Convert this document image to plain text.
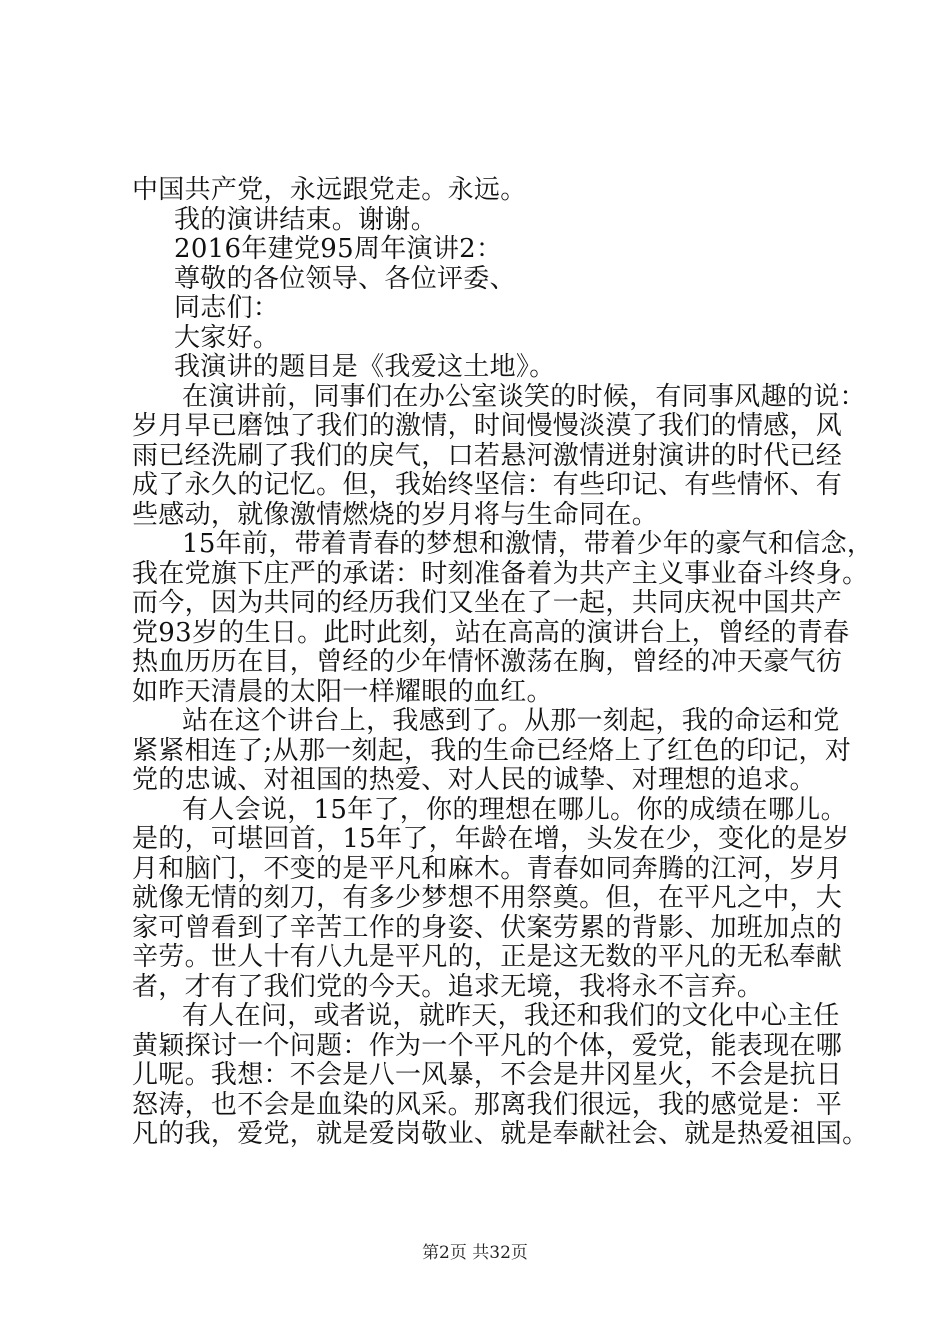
中国共产党，永远跟党走。永远。
我的演讲结束。谢谢。
2016年建党95周年演讲2：
尊敬的各位领导、各位评委、
同志们：
大家好。
我演讲的题目是《我爱这土地》。
在演讲前，同事们在办公室谈笑的时候，有同事风趣的说：
岁月早已磨蚀了我们的激情，时间慢慢淡漠了我们的情感，风
雨已经洗刷了我们的戾气，口若悬河激情迸射演讲的时代已经
成了永久的记忆。但，我始终坚信：有些印记、有些情怀、有
些感动，就像激情燃烧的岁月将与生命同在。
15年前，带着青春的梦想和激情，带着少年的豪气和信念，
我在党旗下庄严的承诺：时刻准备着为共产主义事业奋斗终身。
而今，因为共同的经历我们又坐在了一起，共同庆祝中国共产
党93岁的生日。此时此刻，站在高高的演讲台上，曾经的青春
热血历历在目，曾经的少年情怀激荡在胸，曾经的冲天豪气彷
如昨天清晨的太阳一样耀眼的血红。
站在这个讲台上，我感到了。从那一刻起，我的命运和党
紧紧相连了;从那一刻起，我的生命已经烙上了红色的印记，对
党的忠诚、对祖国的热爱、对人民的诚挚、对理想的追求。
有人会说，15年了，你的理想在哪儿。你的成绩在哪儿。
是的，可堪回首，15年了，年龄在增，头发在少，变化的是岁
月和脑门，不变的是平凡和麻木。青春如同奔腾的江河，岁月
就像无情的刻刀，有多少梦想不用祭奠。但，在平凡之中，大
家可曾看到了辛苦工作的身姿、伏案劳累的背影、加班加点的
辛劳。世人十有八九是平凡的，正是这无数的平凡的无私奉献
者，才有了我们党的今天。追求无境，我将永不言弃。
有人在问，或者说，就昨天，我还和我们的文化中心主任
黄颖探讨一个问题：作为一个平凡的个体，爱党，能表现在哪
儿呢。我想：不会是八一风暴，不会是井冈星火，不会是抗日
怒涛，也不会是血染的风采。那离我们很远，我的感觉是：平
凡的我，爱党，就是爱岗敬业、就是奉献社会、就是热爱祖国。
第2页 共32页
